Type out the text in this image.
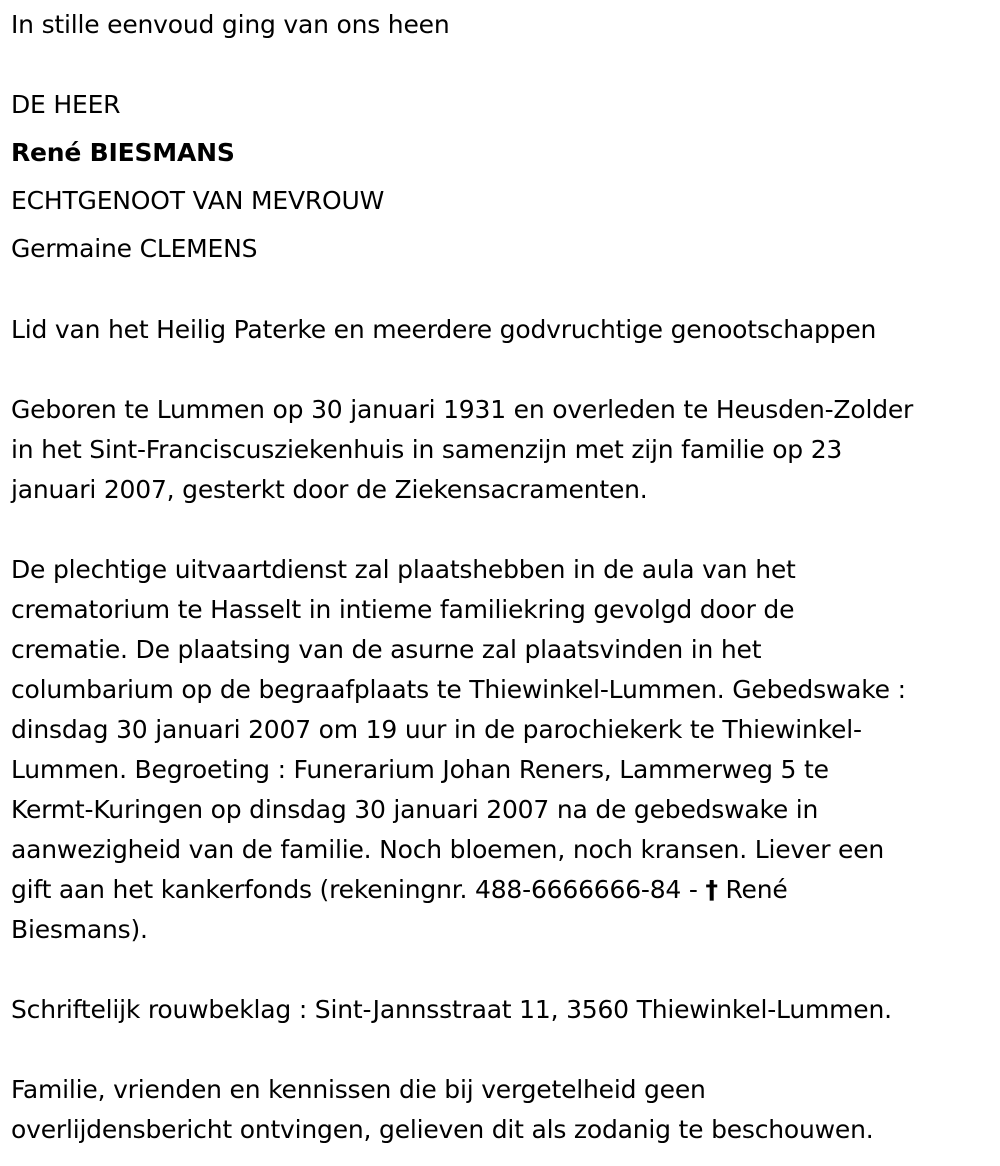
In stille eenvoud ging van ons heen
DE HEER
René BIESMANS
ECHTGENOOT VAN MEVROUW
Germaine CLEMENS
Lid van het Heilig Paterke en meerdere godvruchtige genootschappen
Geboren te Lummen op 30 januari 1931 en overleden te Heusden-Zolder
in het Sint-Franciscusziekenhuis in samenzijn met zijn familie op 23
januari 2007, gesterkt door de Ziekensacramenten.
De plechtige uitvaartdienst zal plaatshebben in de aula van het
crematorium te Hasselt in intieme familiekring gevolgd door de
crematie. De plaatsing van de asurne zal plaatsvinden in het
columbarium op de begraafplaats te Thiewinkel-Lummen. Gebedswake :
dinsdag 30 januari 2007 om 19 uur in de parochiekerk te Thiewinkel-
Lummen. Begroeting : Funerarium Johan Reners, Lammerweg 5 te
Kermt-Kuringen op dinsdag 30 januari 2007 na de gebedswake in
aanwezigheid van de familie. Noch bloemen, noch kransen. Liever een
gift aan het kankerfonds (rekeningnr. 488-6666666-84 - † René
Biesmans).
Schriftelijk rouwbeklag : Sint-Jannsstraat 11, 3560 Thiewinkel-Lummen.
Familie, vrienden en kennissen die bij vergetelheid geen
overlijdensbericht ontvingen, gelieven dit als zodanig te beschouwen.
